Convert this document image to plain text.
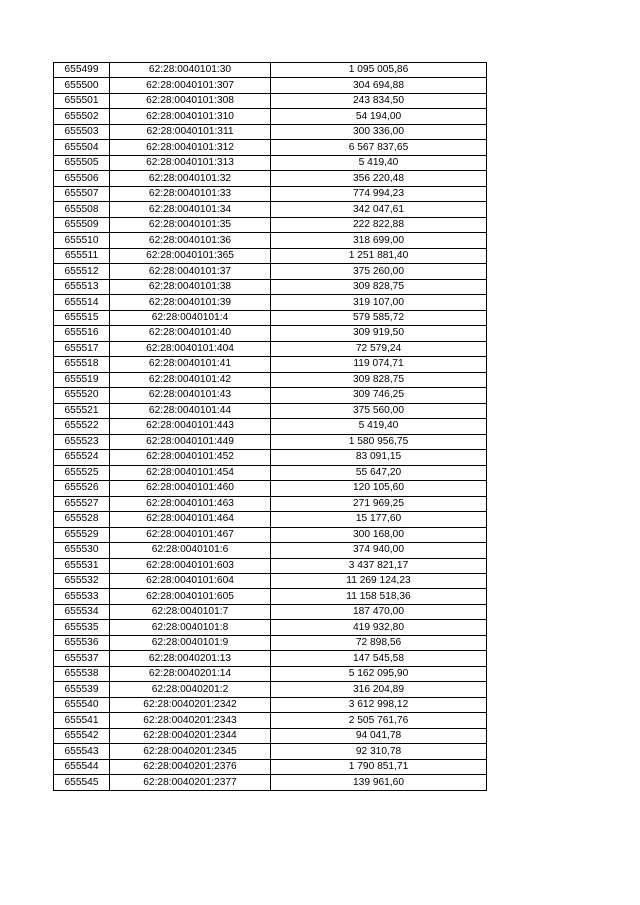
655499	62:28:0040101:30	1 095 005,86
655500	62:28:0040101:307	304 694,88
655501	62:28:0040101:308	243 834,50
655502	62:28:0040101:310	54 194,00
655503	62:28:0040101:311	300 336,00
655504	62:28:0040101:312	6 567 837,65
655505	62:28:0040101:313	5 419,40
655506	62:28:0040101:32	356 220,48
655507	62:28:0040101:33	774 994,23
655508	62:28:0040101:34	342 047,61
655509	62:28:0040101:35	222 822,88
655510	62:28:0040101:36	318 699,00
655511	62:28:0040101:365	1 251 881,40
655512	62:28:0040101:37	375 260,00
655513	62:28:0040101:38	309 828,75
655514	62:28:0040101:39	319 107,00
655515	62:28:0040101:4	579 585,72
655516	62:28:0040101:40	309 919,50
655517	62:28:0040101:404	72 579,24
655518	62:28:0040101:41	119 074,71
655519	62:28:0040101:42	309 828,75
655520	62:28:0040101:43	309 746,25
655521	62:28:0040101:44	375 560,00
655522	62:28:0040101:443	5 419,40
655523	62:28:0040101:449	1 580 956,75
655524	62:28:0040101:452	83 091,15
655525	62:28:0040101:454	55 647,20
655526	62:28:0040101:460	120 105,60
655527	62:28:0040101:463	271 969,25
655528	62:28:0040101:464	15 177,60
655529	62:28:0040101:467	300 168,00
655530	62:28:0040101:6	374 940,00
655531	62:28:0040101:603	3 437 821,17
655532	62:28:0040101:604	11 269 124,23
655533	62:28:0040101:605	11 158 518,36
655534	62:28:0040101:7	187 470,00
655535	62:28:0040101:8	419 932,80
655536	62:28:0040101:9	72 898,56
655537	62:28:0040201:13	147 545,58
655538	62:28:0040201:14	5 162 095,90
655539	62:28:0040201:2	316 204,89
655540	62:28:0040201:2342	3 612 998,12
655541	62:28:0040201:2343	2 505 761,76
655542	62:28:0040201:2344	94 041,78
655543	62:28:0040201:2345	92 310,78
655544	62:28:0040201:2376	1 790 851,71
655545	62:28:0040201:2377	139 961,60
